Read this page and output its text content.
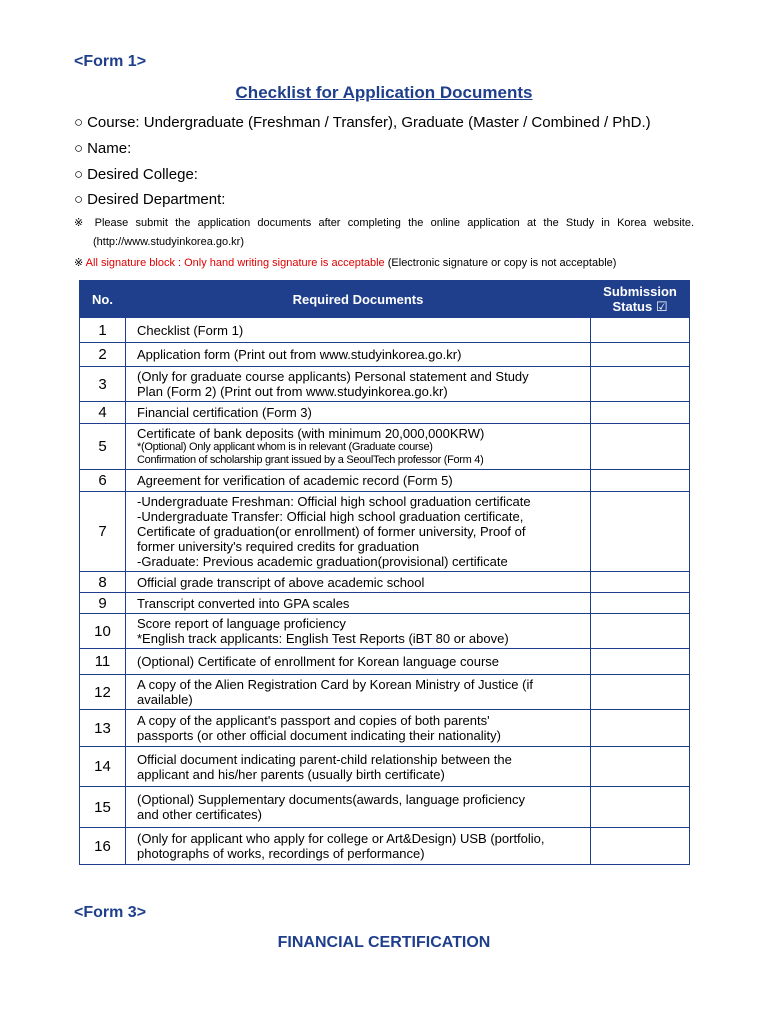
<Form 1>
Checklist for Application Documents
○ Course: Undergraduate (Freshman / Transfer), Graduate (Master / Combined / PhD.)
○ Name:
○ Desired College:
○ Desired Department:
※ Please submit the application documents after completing the online application at the Study in Korea website.
(http://www.studyinkorea.go.kr)
※ All signature block : Only hand writing signature is acceptable (Electronic signature or copy is not acceptable)
No.	Required Documents	Submission
Status ☑
1	Checklist (Form 1)	

2	Application form (Print out from www.studyinkorea.go.kr)	

3	(Only for graduate course applicants) Personal statement and Study
Plan (Form 2) (Print out from www.studyinkorea.go.kr)	

4	Financial certification (Form 3)	

5	Certificate of bank deposits (with minimum 20,000,000KRW)
*(Optional) Only applicant whom is in relevant (Graduate course)
Confirmation of scholarship grant issued by a SeoulTech professor (Form 4)	

6	Agreement for verification of academic record (Form 5)	

7	-Undergraduate Freshman: Official high school graduation certificate
-Undergraduate Transfer: Official high school graduation certificate,
Certificate of graduation(or enrollment) of former university, Proof of
former university's required credits for graduation
-Graduate: Previous academic graduation(provisional) certificate	

8	Official grade transcript of above academic school	

9	Transcript converted into GPA scales	

10	Score report of language proficiency
*English track applicants: English Test Reports (iBT 80 or above)	

11	(Optional) Certificate of enrollment for Korean language course	

12	A copy of the Alien Registration Card by Korean Ministry of Justice (if
available)	

13	A copy of the applicant's passport and copies of both parents'
passports (or other official document indicating their nationality)	

14	Official document indicating parent-child relationship between the
applicant and his/her parents (usually birth certificate)	

15	(Optional) Supplementary documents(awards, language proficiency
and other certificates)	

16	(Only for applicant who apply for college or Art&Design) USB (portfolio,
photographs of works, recordings of performance)	

<Form 3>
FINANCIAL CERTIFICATION
